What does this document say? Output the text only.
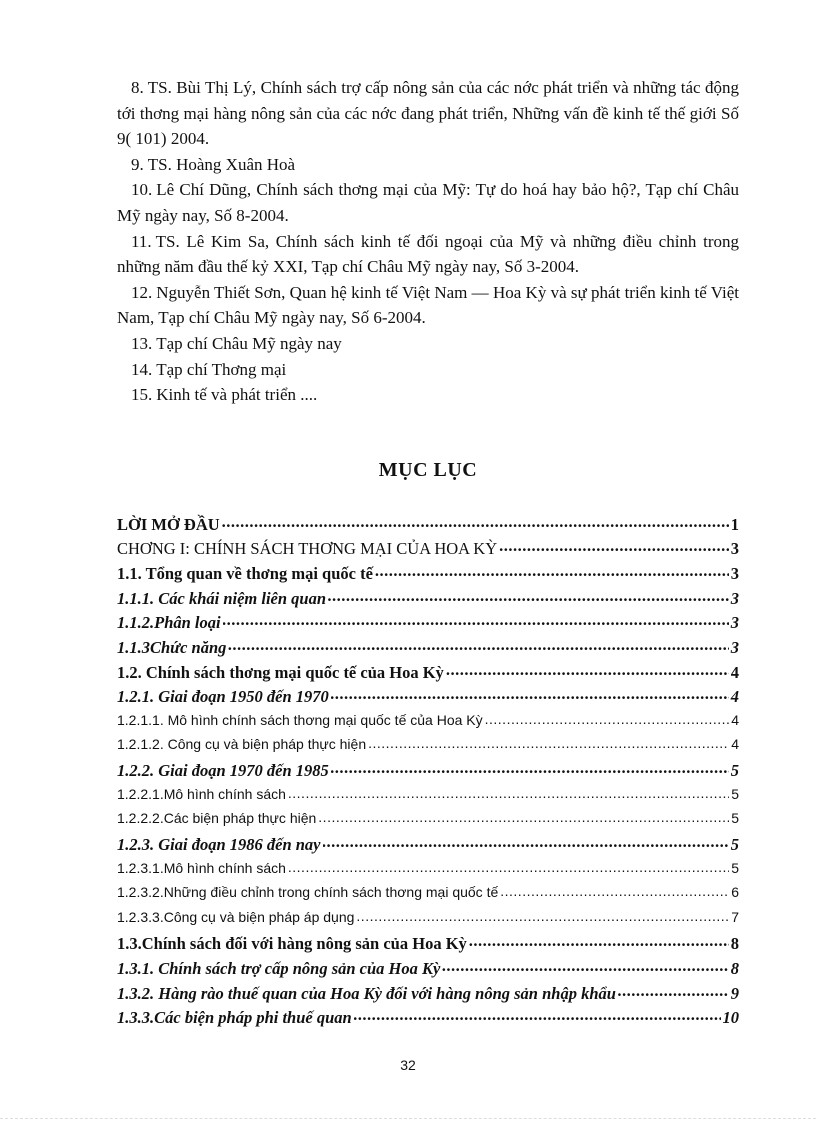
8. TS. Bùi Thị Lý, Chính sách trợ cấp nông sản của các nớc phát triển và những tác động tới thơng mại hàng nông sản của các nớc đang phát triển, Những vấn đề kinh tế thế giới Số 9( 101) 2004.

9. TS. Hoàng Xuân Hoà

10. Lê Chí Dũng, Chính sách thơng mại của Mỹ: Tự do hoá hay bảo hộ?, Tạp chí Châu Mỹ ngày nay, Số 8-2004.

11. TS. Lê Kim Sa, Chính sách kinh tế đối ngoại của Mỹ và những điều chỉnh trong những năm đầu thế kỷ XXI, Tạp chí Châu Mỹ ngày nay, Số 3-2004.

12. Nguyễn Thiết Sơn, Quan hệ kinh tế Việt Nam — Hoa Kỳ và sự phát triển kinh tế Việt Nam, Tạp chí Châu Mỹ ngày nay, Số 6-2004.

13. Tạp chí Châu Mỹ ngày nay

14. Tạp chí Thơng mại

15. Kinh tế và phát triển ....

MỤC LỤC
LỜI MỞ ĐẦU .....	1
CHƠNG I: CHÍNH SÁCH THƠNG MẠI CỦA HOA KỲ .....	3
1.1. Tổng quan về thơng mại quốc tế .....	3
1.1.1. Các khái niệm liên quan .....	3
1.1.2.Phân loại .....	3
1.1.3Chức năng .....	3
1.2. Chính sách thơng mại quốc tế của Hoa Kỳ .....	4
1.2.1. Giai đoạn 1950 đến 1970 .....	4
1.2.1.1. Mô hình chính sách thơng mại quốc tế của Hoa Kỳ .....	4
1.2.1.2. Công cụ và biện pháp thực hiện .....	4
1.2.2. Giai đoạn 1970 đến 1985 .....	5
1.2.2.1.Mô hình chính sách .....	5
1.2.2.2.Các biện pháp thực hiện .....	5
1.2.3. Giai đoạn 1986 đến nay .....	5
1.2.3.1.Mô hình chính sách .....	5
1.2.3.2.Những điều chỉnh trong chính sách thơng mại quốc tế .....	6
1.2.3.3.Công cụ và biện pháp áp dụng .....	7
1.3.Chính sách đối với hàng nông sản của Hoa Kỳ .....	8
1.3.1. Chính sách trợ cấp nông sản của Hoa Kỳ .....	8
1.3.2. Hàng rào thuế quan của Hoa Kỳ đối với hàng nông sản nhập khẩu .....	9
1.3.3.Các biện pháp phi thuế quan .....	10
32
